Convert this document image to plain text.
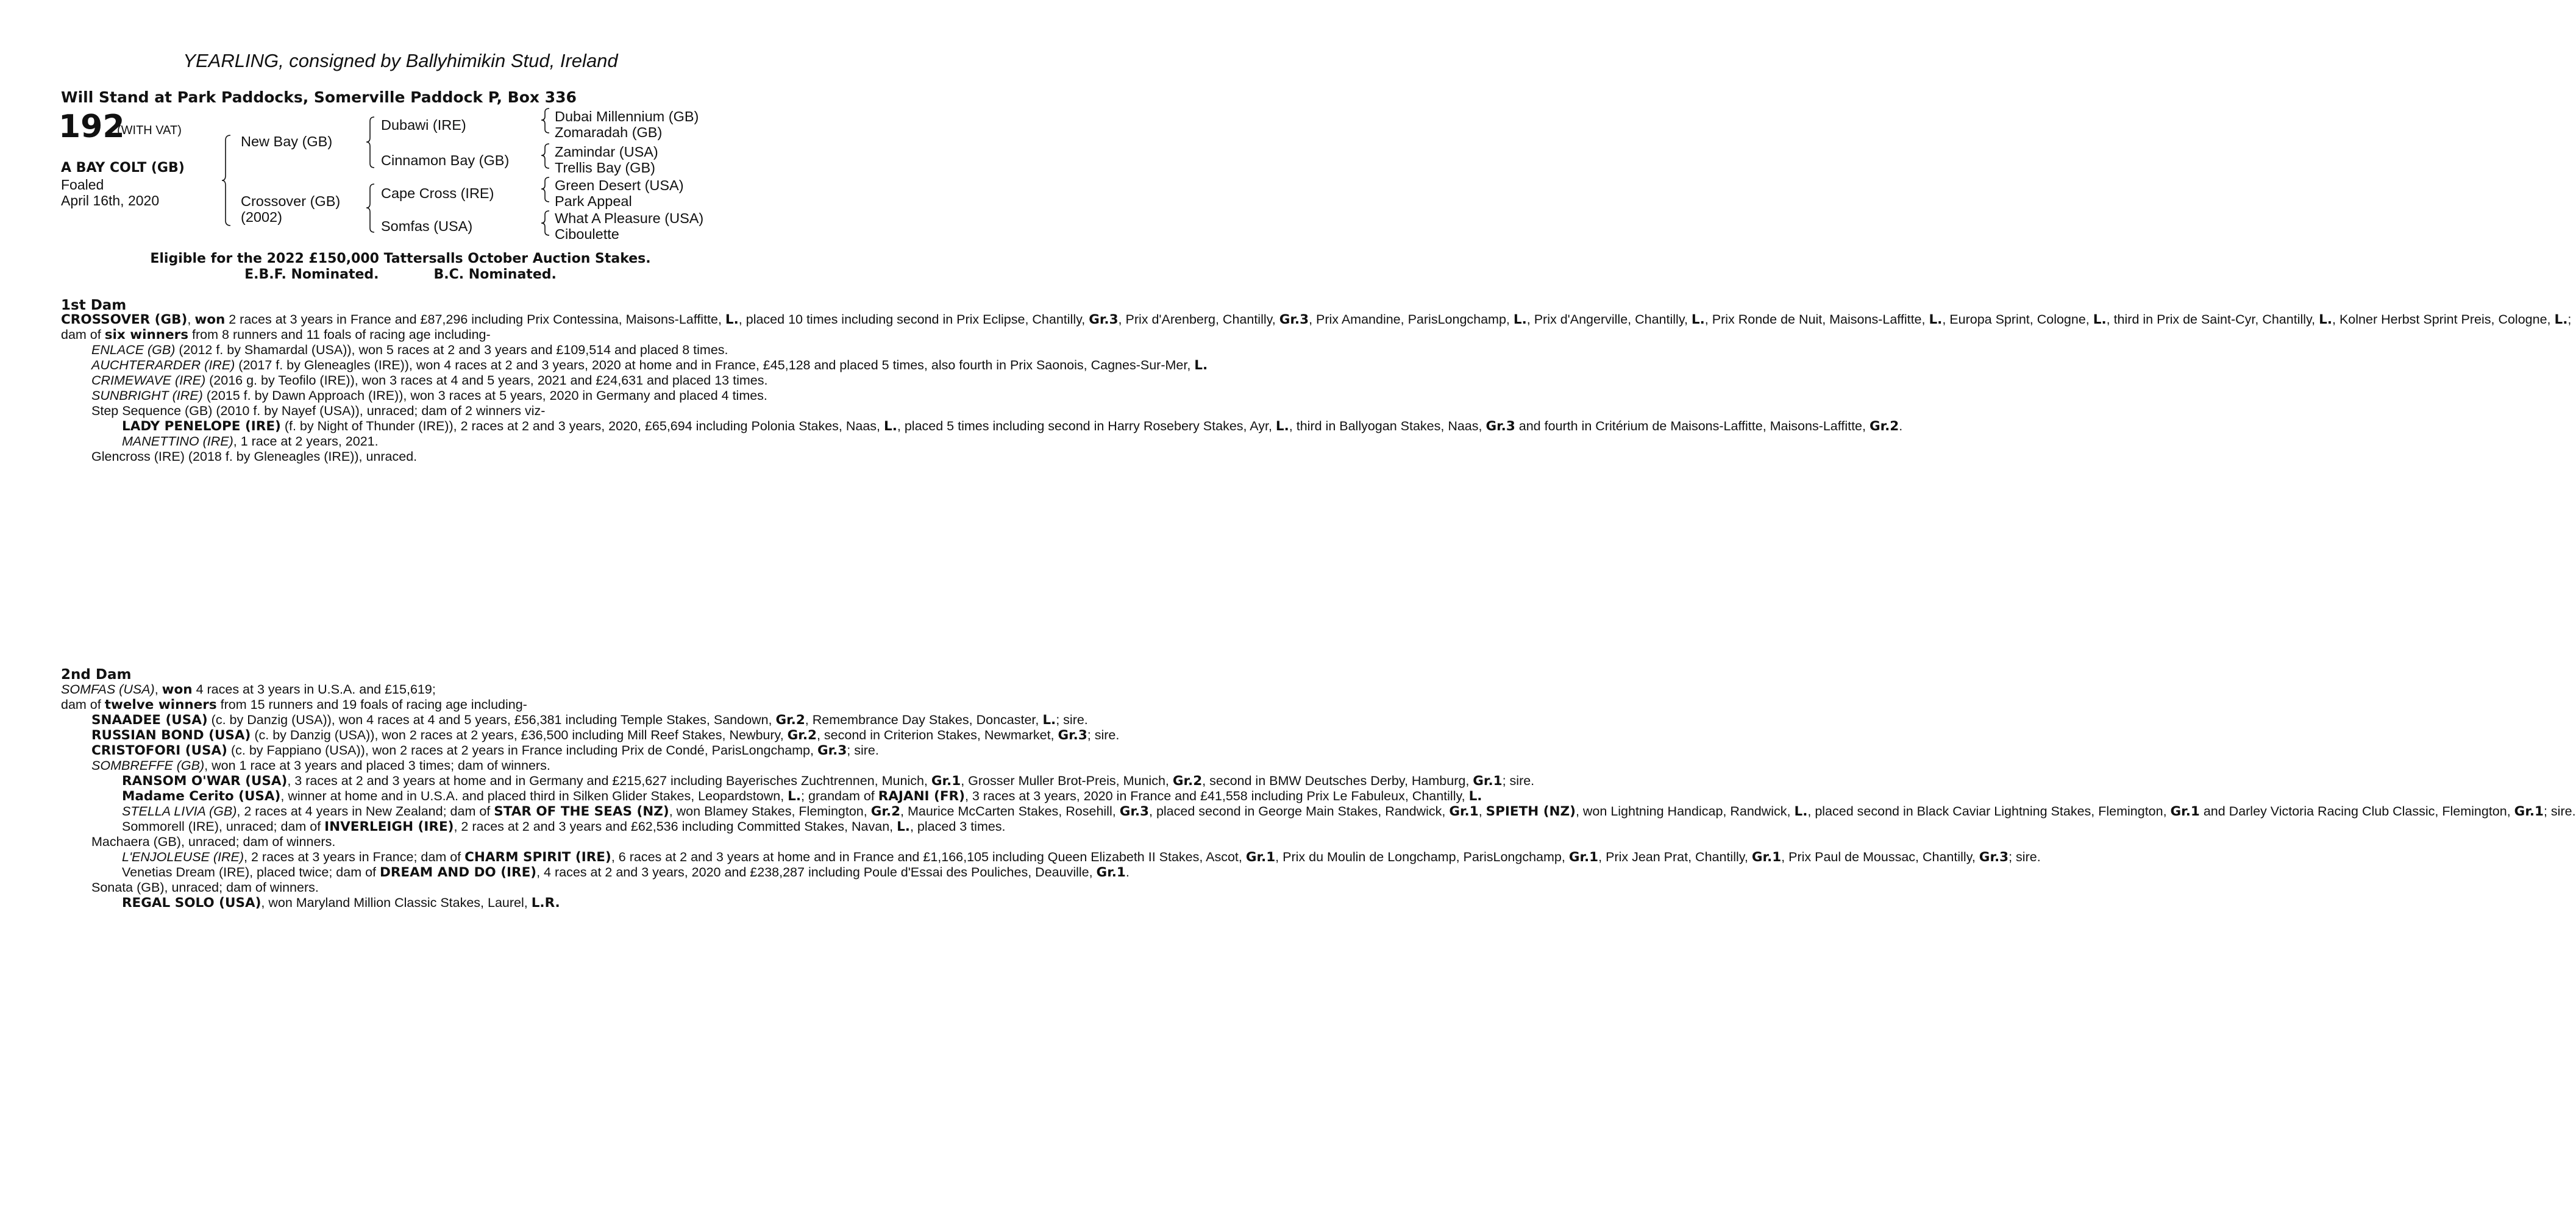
YEARLING, consigned by Ballyhimikin Stud, Ireland
Will Stand at Park Paddocks, Somerville Paddock P, Box 336
192
(WITH VAT)
A BAY COLT (GB)
Foaled
April 16th, 2020
New Bay (GB)
Crossover (GB)
(2002)
Dubawi (IRE)
Cinnamon Bay (GB)
Cape Cross (IRE)
Somfas (USA)
Dubai Millennium (GB)
Zomaradah (GB)
Zamindar (USA)
Trellis Bay (GB)
Green Desert (USA)
Park Appeal
What A Pleasure (USA)
Ciboulette
Eligible for the 2022 £150,000 Tattersalls October Auction Stakes.
E.B.F. Nominated.	B.C. Nominated.
1st Dam
CROSSOVER (GB), won 2 races at 3 years in France and £87,296 including Prix Contessina, Maisons-Laffitte, L., placed 10 times including second in Prix Eclipse, Chantilly, Gr.3, Prix d'Arenberg, Chantilly, Gr.3, Prix Amandine, ParisLongchamp, L., Prix d'Angerville, Chantilly, L., Prix Ronde de Nuit, Maisons-Laffitte, L., Europa Sprint, Cologne, L., third in Prix de Saint-Cyr, Chantilly, L., Kolner Herbst Sprint Preis, Cologne, L.;
dam of six winners from 8 runners and 11 foals of racing age including-
ENLACE (GB) (2012 f. by Shamardal (USA)), won 5 races at 2 and 3 years and £109,514 and placed 8 times.
AUCHTERARDER (IRE) (2017 f. by Gleneagles (IRE)), won 4 races at 2 and 3 years, 2020 at home and in France, £45,128 and placed 5 times, also fourth in Prix Saonois, Cagnes-Sur-Mer, L.
CRIMEWAVE (IRE) (2016 g. by Teofilo (IRE)), won 3 races at 4 and 5 years, 2021 and £24,631 and placed 13 times.
SUNBRIGHT (IRE) (2015 f. by Dawn Approach (IRE)), won 3 races at 5 years, 2020 in Germany and placed 4 times.
Step Sequence (GB) (2010 f. by Nayef (USA)), unraced; dam of 2 winners viz-
LADY PENELOPE (IRE) (f. by Night of Thunder (IRE)), 2 races at 2 and 3 years, 2020, £65,694 including Polonia Stakes, Naas, L., placed 5 times including second in Harry Rosebery Stakes, Ayr, L., third in Ballyogan Stakes, Naas, Gr.3 and fourth in Critérium de Maisons-Laffitte, Maisons-Laffitte, Gr.2.
MANETTINO (IRE), 1 race at 2 years, 2021.
Glencross (IRE) (2018 f. by Gleneagles (IRE)), unraced.
2nd Dam
SOMFAS (USA), won 4 races at 3 years in U.S.A. and £15,619;
dam of twelve winners from 15 runners and 19 foals of racing age including-
SNAADEE (USA) (c. by Danzig (USA)), won 4 races at 4 and 5 years, £56,381 including Temple Stakes, Sandown, Gr.2, Remembrance Day Stakes, Doncaster, L.; sire.
RUSSIAN BOND (USA) (c. by Danzig (USA)), won 2 races at 2 years, £36,500 including Mill Reef Stakes, Newbury, Gr.2, second in Criterion Stakes, Newmarket, Gr.3; sire.
CRISTOFORI (USA) (c. by Fappiano (USA)), won 2 races at 2 years in France including Prix de Condé, ParisLongchamp, Gr.3; sire.
SOMBREFFE (GB), won 1 race at 3 years and placed 3 times; dam of winners.
RANSOM O'WAR (USA), 3 races at 2 and 3 years at home and in Germany and £215,627 including Bayerisches Zuchtrennen, Munich, Gr.1, Grosser Muller Brot-Preis, Munich, Gr.2, second in BMW Deutsches Derby, Hamburg, Gr.1; sire.
Madame Cerito (USA), winner at home and in U.S.A. and placed third in Silken Glider Stakes, Leopardstown, L.; grandam of RAJANI (FR), 3 races at 3 years, 2020 in France and £41,558 including Prix Le Fabuleux, Chantilly, L.
STELLA LIVIA (GB), 2 races at 4 years in New Zealand; dam of STAR OF THE SEAS (NZ), won Blamey Stakes, Flemington, Gr.2, Maurice McCarten Stakes, Rosehill, Gr.3, placed second in George Main Stakes, Randwick, Gr.1, SPIETH (NZ), won Lightning Handicap, Randwick, L., placed second in Black Caviar Lightning Stakes, Flemington, Gr.1 and Darley Victoria Racing Club Classic, Flemington, Gr.1; sire.
Sommorell (IRE), unraced; dam of INVERLEIGH (IRE), 2 races at 2 and 3 years and £62,536 including Committed Stakes, Navan, L., placed 3 times.
Machaera (GB), unraced; dam of winners.
L'ENJOLEUSE (IRE), 2 races at 3 years in France; dam of CHARM SPIRIT (IRE), 6 races at 2 and 3 years at home and in France and £1,166,105 including Queen Elizabeth II Stakes, Ascot, Gr.1, Prix du Moulin de Longchamp, ParisLongchamp, Gr.1, Prix Jean Prat, Chantilly, Gr.1, Prix Paul de Moussac, Chantilly, Gr.3; sire.
Venetias Dream (IRE), placed twice; dam of DREAM AND DO (IRE), 4 races at 2 and 3 years, 2020 and £238,287 including Poule d'Essai des Pouliches, Deauville, Gr.1.
Sonata (GB), unraced; dam of winners.
REGAL SOLO (USA), won Maryland Million Classic Stakes, Laurel, L.R.
